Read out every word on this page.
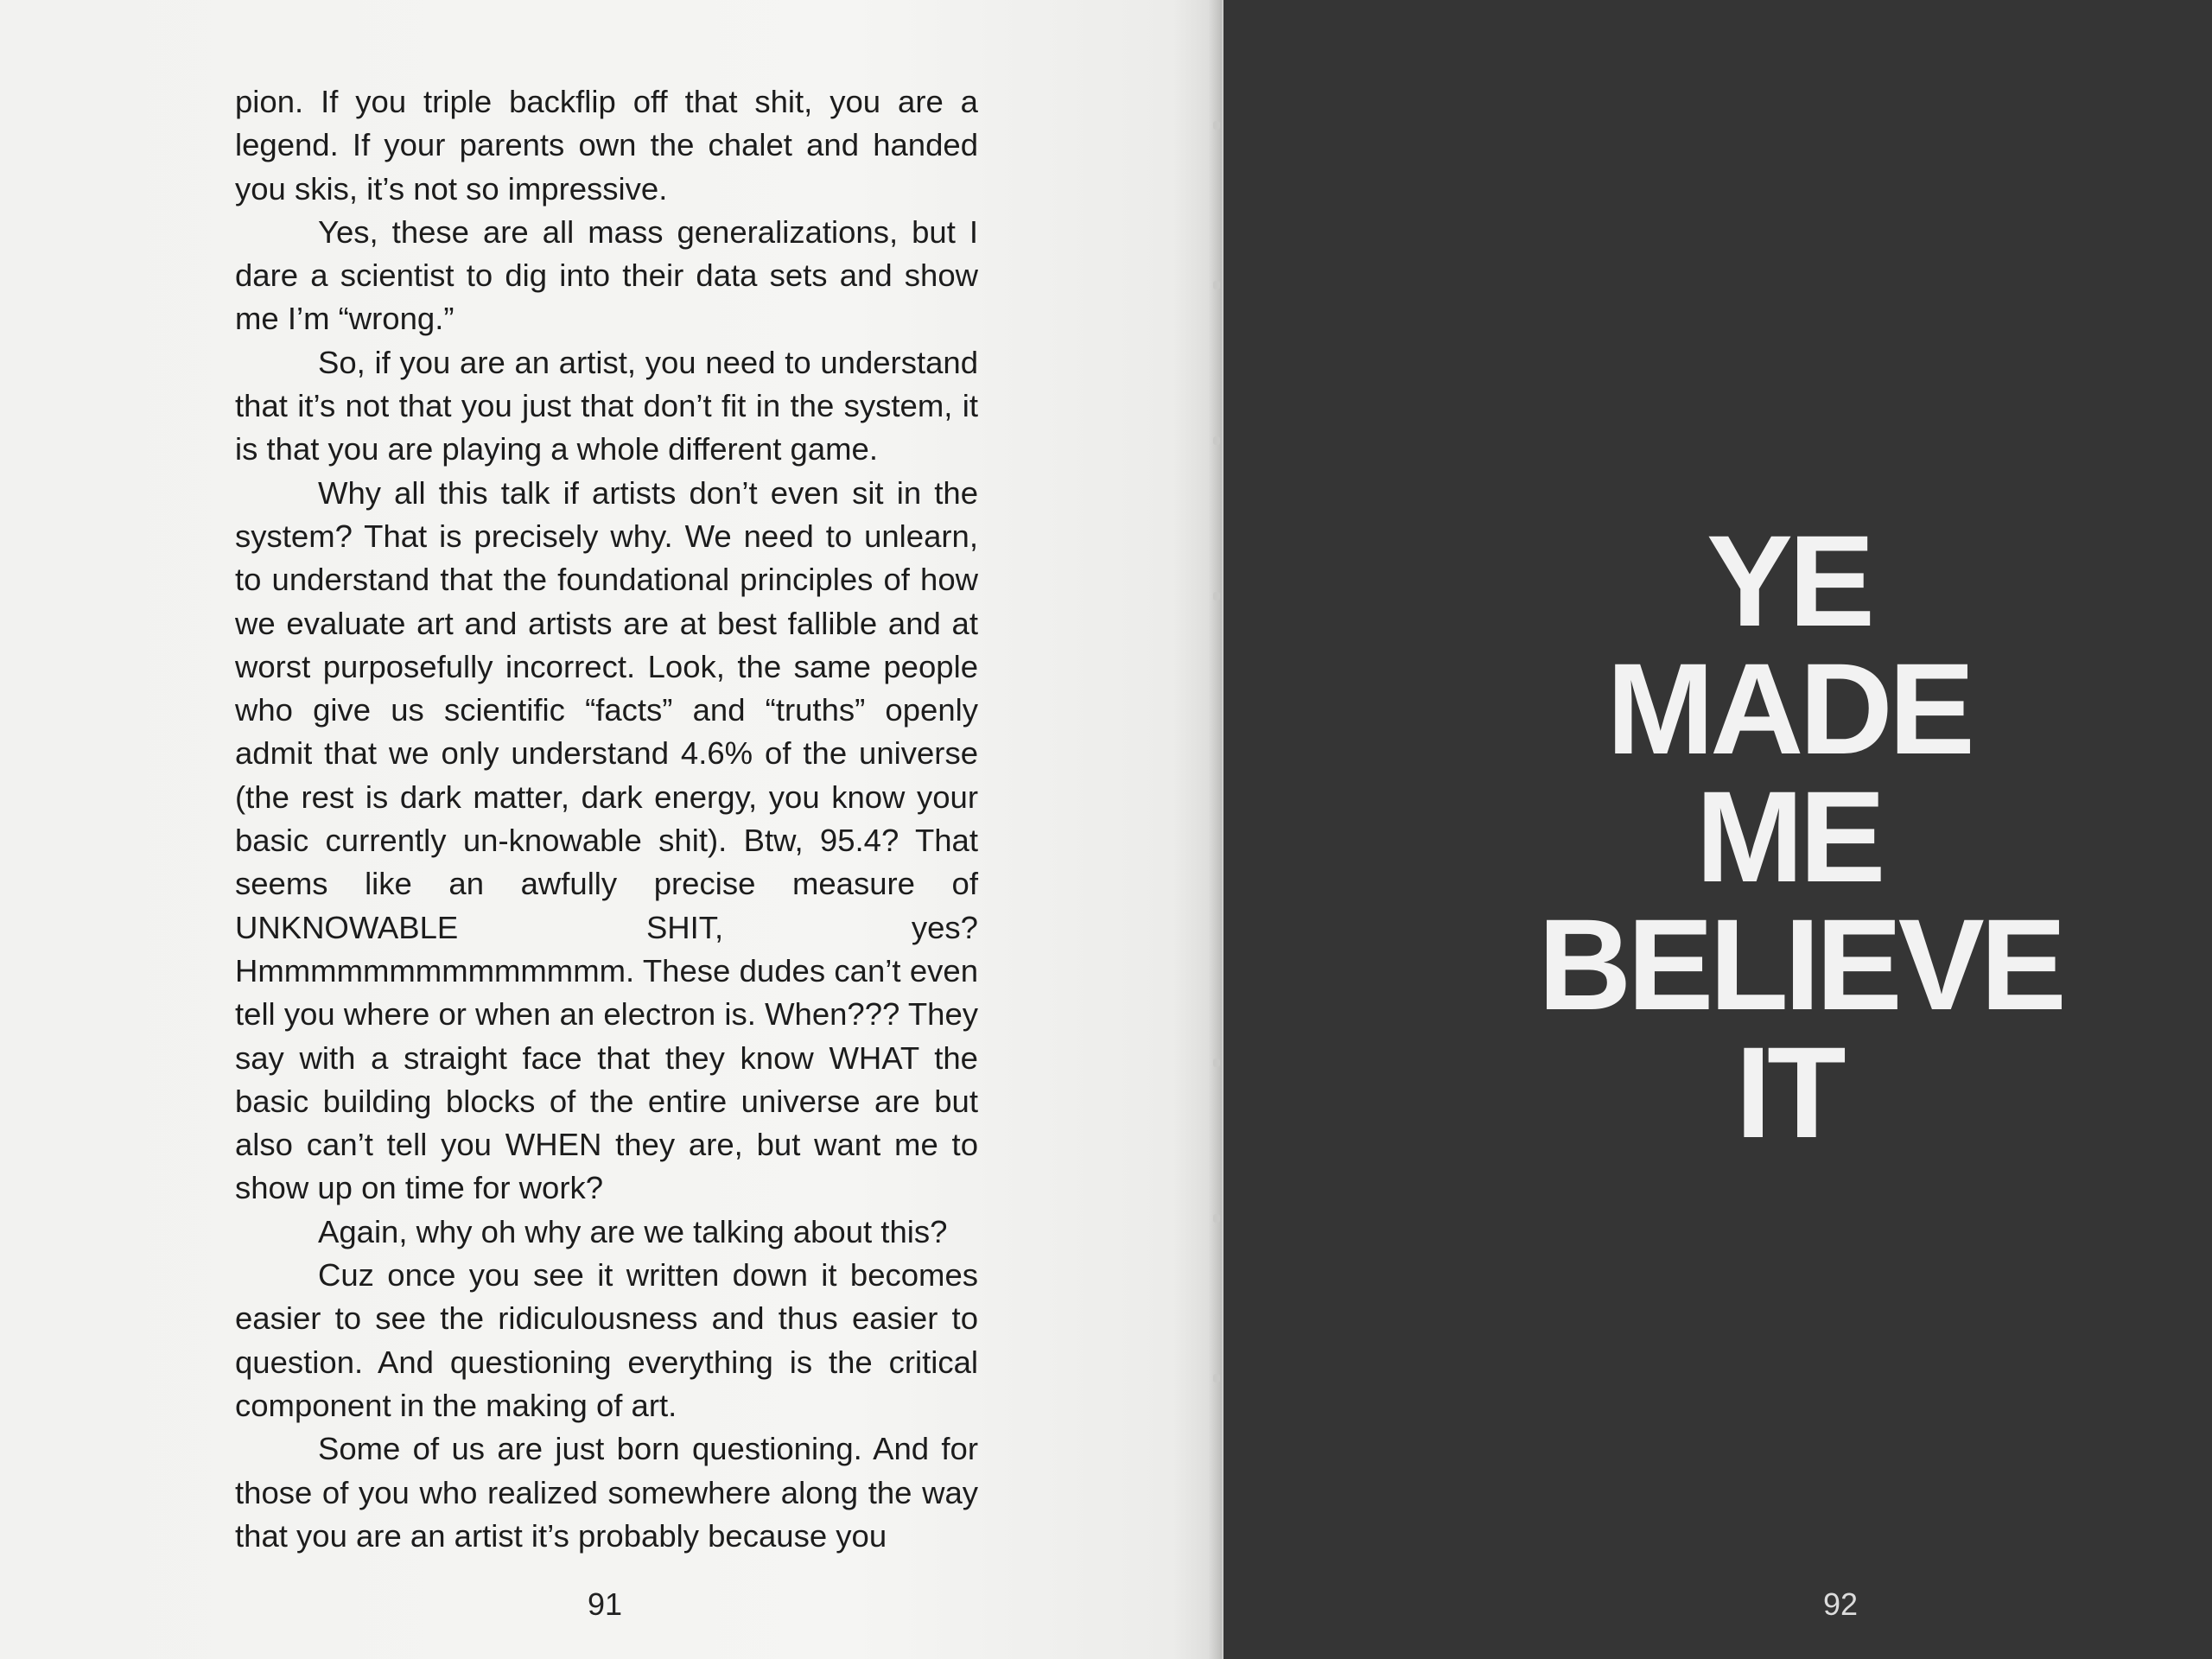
pion. If you triple backflip off that shit, you are a legend. If your parents own the chalet and handed you skis, it’s not so impressive.

Yes, these are all mass generalizations, but I dare a scientist to dig into their data sets and show me I’m “wrong.”

So, if you are an artist, you need to understand that it’s not that you just that don’t fit in the system, it is that you are playing a whole different game.

Why all this talk if artists don’t even sit in the system? That is precisely why. We need to unlearn, to understand that the foundational principles of how we evaluate art and artists are at best fallible and at worst purposefully incorrect. Look, the same people who give us scientific “facts” and “truths” openly admit that we only understand 4.6% of the universe (the rest is dark matter, dark energy, you know your basic currently un-knowable shit). Btw, 95.4? That seems like an awfully precise measure of UNKNOWABLE SHIT, yes? Hmmmmmmmmmmmmmm. These dudes can’t even tell you where or when an electron is. When??? They say with a straight face that they know WHAT the basic building blocks of the entire universe are but also can’t tell you WHEN they are, but want me to show up on time for work?

Again, why oh why are we talking about this?

Cuz once you see it written down it becomes easier to see the ridiculousness and thus easier to question. And questioning everything is the critical component in the making of art.

Some of us are just born questioning. And for those of you who realized somewhere along the way that you are an artist it’s probably because you

91
YE
MADE
ME
BELIEVE
IT
92
